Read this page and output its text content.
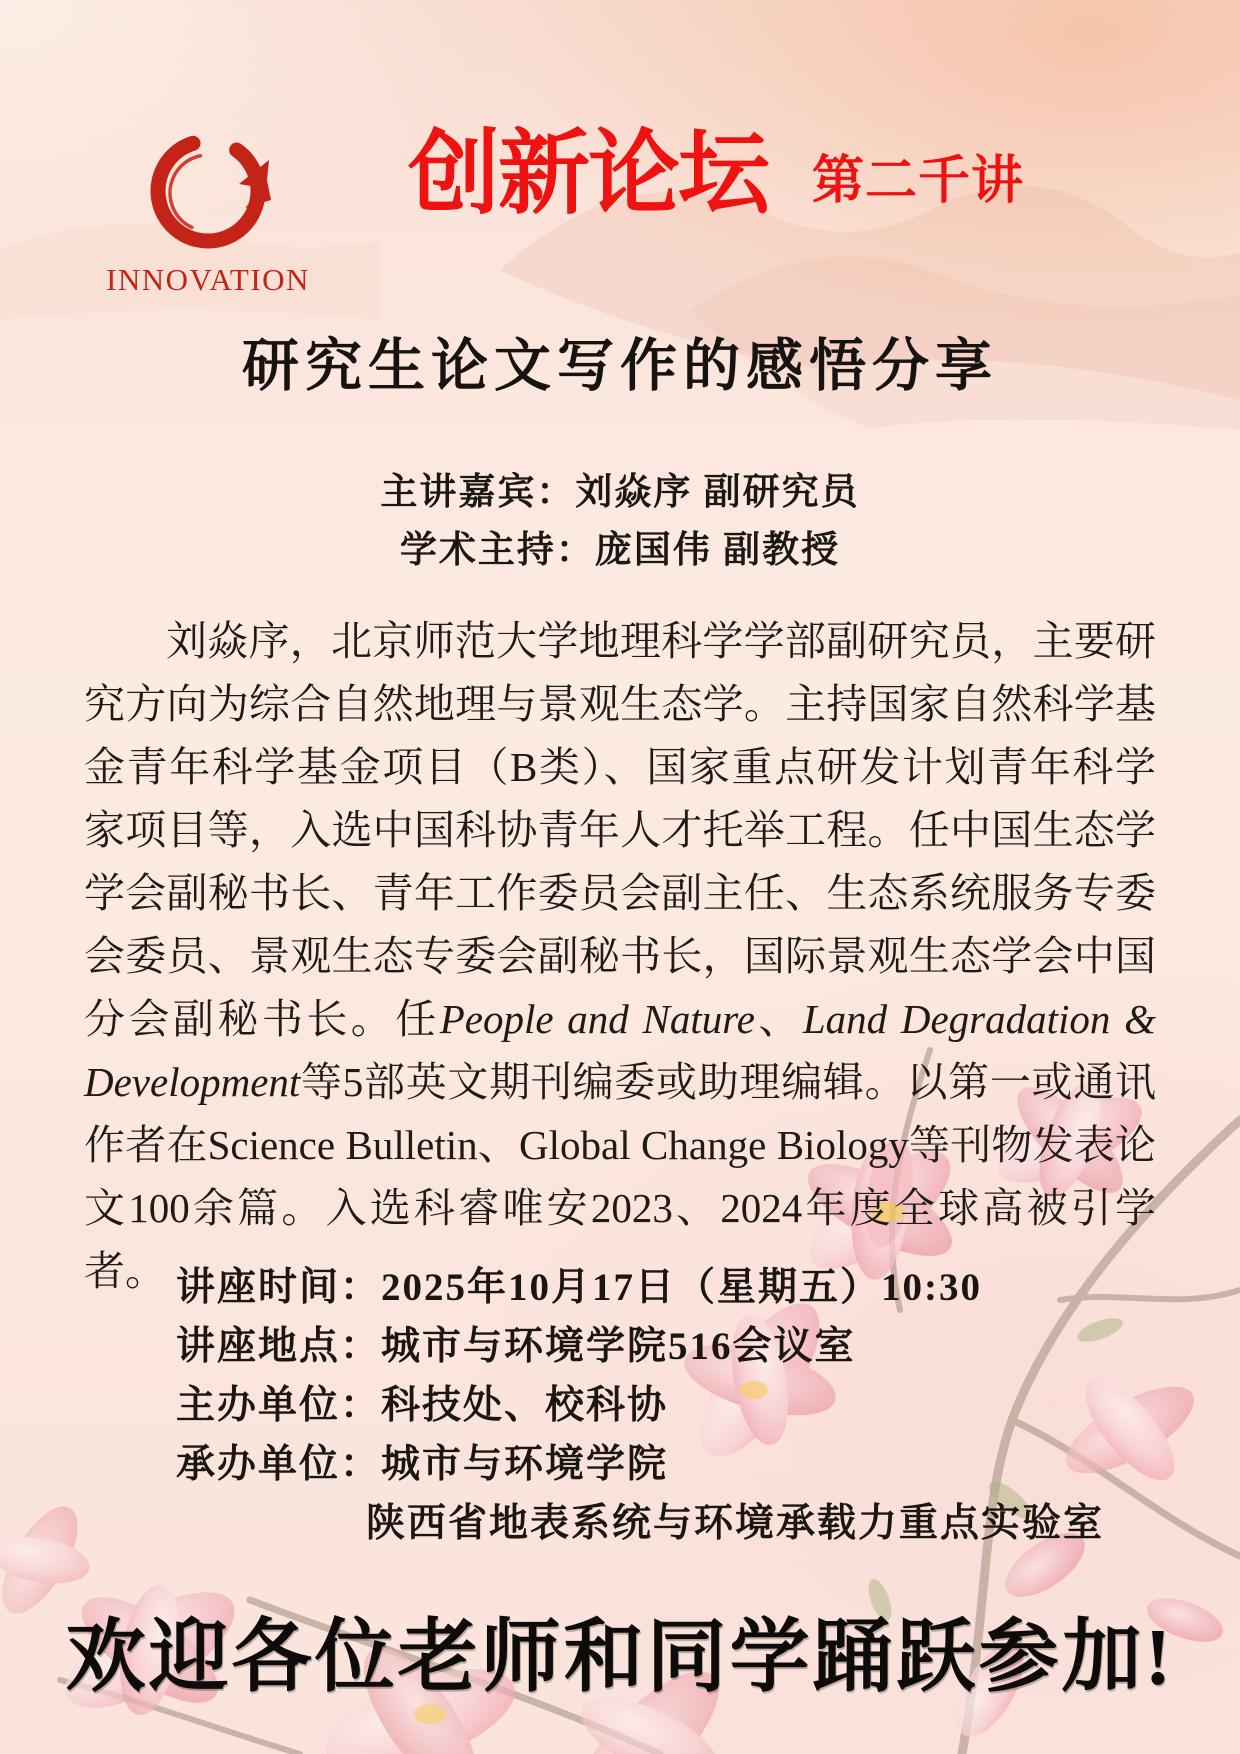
INNOVATION
创新论坛 第二千讲
研究生论文写作的感悟分享
主讲嘉宾：刘焱序 副研究员
学术主持：庞国伟 副教授

刘焱序，北京师范大学地理科学学部副研究员，主要研究方向为综合自然地理与景观生态学。主持国家自然科学基金青年科学基金项目（B类）、国家重点研发计划青年科学家项目等，入选中国科协青年人才托举工程。任中国生态学学会副秘书长、青年工作委员会副主任、生态系统服务专委会委员、景观生态专委会副秘书长，国际景观生态学会中国分会副秘书长。任People and Nature、Land Degradation & Development等5部英文期刊编委或助理编辑。以第一或通讯作者在Science Bulletin、Global Change Biology等刊物发表论文100余篇。入选科睿唯安2023、2024年度全球高被引学者。 讲座时间：2025年10月17日（星期五）10:30
讲座地点：城市与环境学院516会议室
主办单位：科技处、校科协
承办单位：城市与环境学院
陕西省地表系统与环境承载力重点实验室
欢迎各位老师和同学踊跃参加!
